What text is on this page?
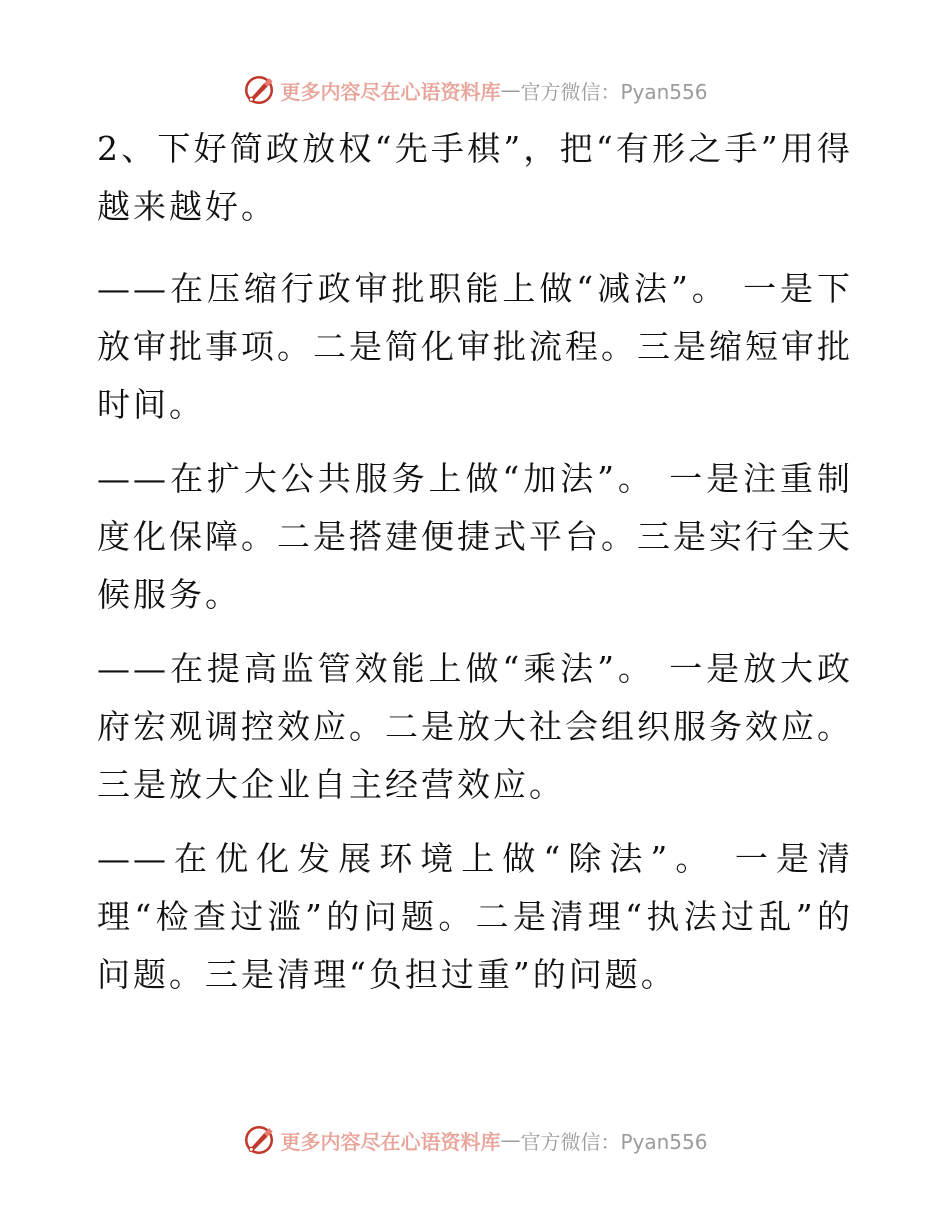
更多内容尽在心语资料库 — 官方微信：Pyan556

2、下好简政放权“先手棋”，把“有形之手”用得越来越好。

——在压缩行政审批职能上做“减法”。 一是下放审批事项。二是简化审批流程。三是缩短审批时间。

——在扩大公共服务上做“加法”。 一是注重制度化保障。二是搭建便捷式平台。三是实行全天候服务。

——在提高监管效能上做“乘法”。 一是放大政府宏观调控效应。二是放大社会组织服务效应。三是放大企业自主经营效应。

——在优化发展环境上做“除法”。 一是清理“检查过滥”的问题。二是清理“执法过乱”的问题。三是清理“负担过重”的问题。

更多内容尽在心语资料库 — 官方微信：Pyan556
